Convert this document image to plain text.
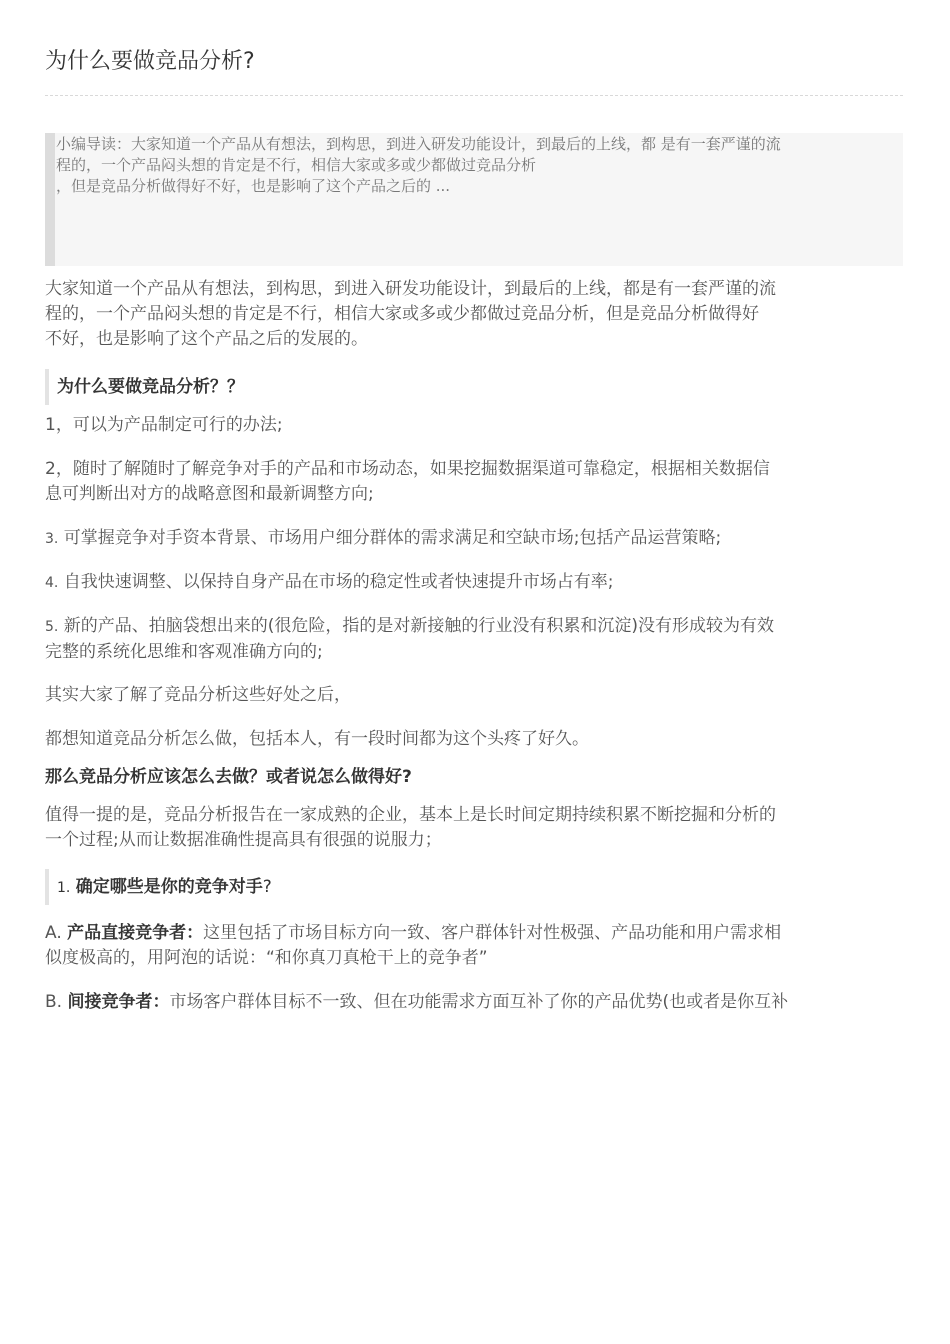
为什么要做竞品分析?

小编导读：大家知道一个产品从有想法，到构思，到进入研发功能设计，到最后的上线，都 是有一套严谨的流

程的，一个产品闷头想的肯定是不行，相信大家或多或少都做过竞品分析

，但是竞品分析做得好不好，也是影响了这个产品之后的 ...

大家知道一个产品从有想法，到构思，到进入研发功能设计，到最后的上线，都是有一套严谨的流
程的，一个产品闷头想的肯定是不行，相信大家或多或少都做过竞品分析，但是竞品分析做得好
不好，也是影响了这个产品之后的发展的。
为什么要做竞品分析？？
1，可以为产品制定可行的办法;
2，随时了解随时了解竞争对手的产品和市场动态，如果挖掘数据渠道可靠稳定，根据相关数据信
息可判断出对方的战略意图和最新调整方向;
3. 可掌握竞争对手资本背景、市场用户细分群体的需求满足和空缺市场;包括产品运营策略;
4. 自我快速调整、以保持自身产品在市场的稳定性或者快速提升市场占有率;
5. 新的产品、拍脑袋想出来的(很危险，指的是对新接触的行业没有积累和沉淀)没有形成较为有效
完整的系统化思维和客观准确方向的;
其实大家了解了竞品分析这些好处之后，
都想知道竞品分析怎么做，包括本人，有一段时间都为这个头疼了好久。
那么竞品分析应该怎么去做？或者说怎么做得好?
值得一提的是，竞品分析报告在一家成熟的企业，基本上是长时间定期持续积累不断挖掘和分析的
一个过程;从而让数据准确性提高具有很强的说服力；
1. 确定哪些是你的竞争对手?
A. 产品直接竞争者：这里包括了市场目标方向一致、客户群体针对性极强、产品功能和用户需求相
似度极高的，用阿泡的话说：“和你真刀真枪干上的竞争者”
B. 间接竞争者：市场客户群体目标不一致、但在功能需求方面互补了你的产品优势(也或者是你互补
